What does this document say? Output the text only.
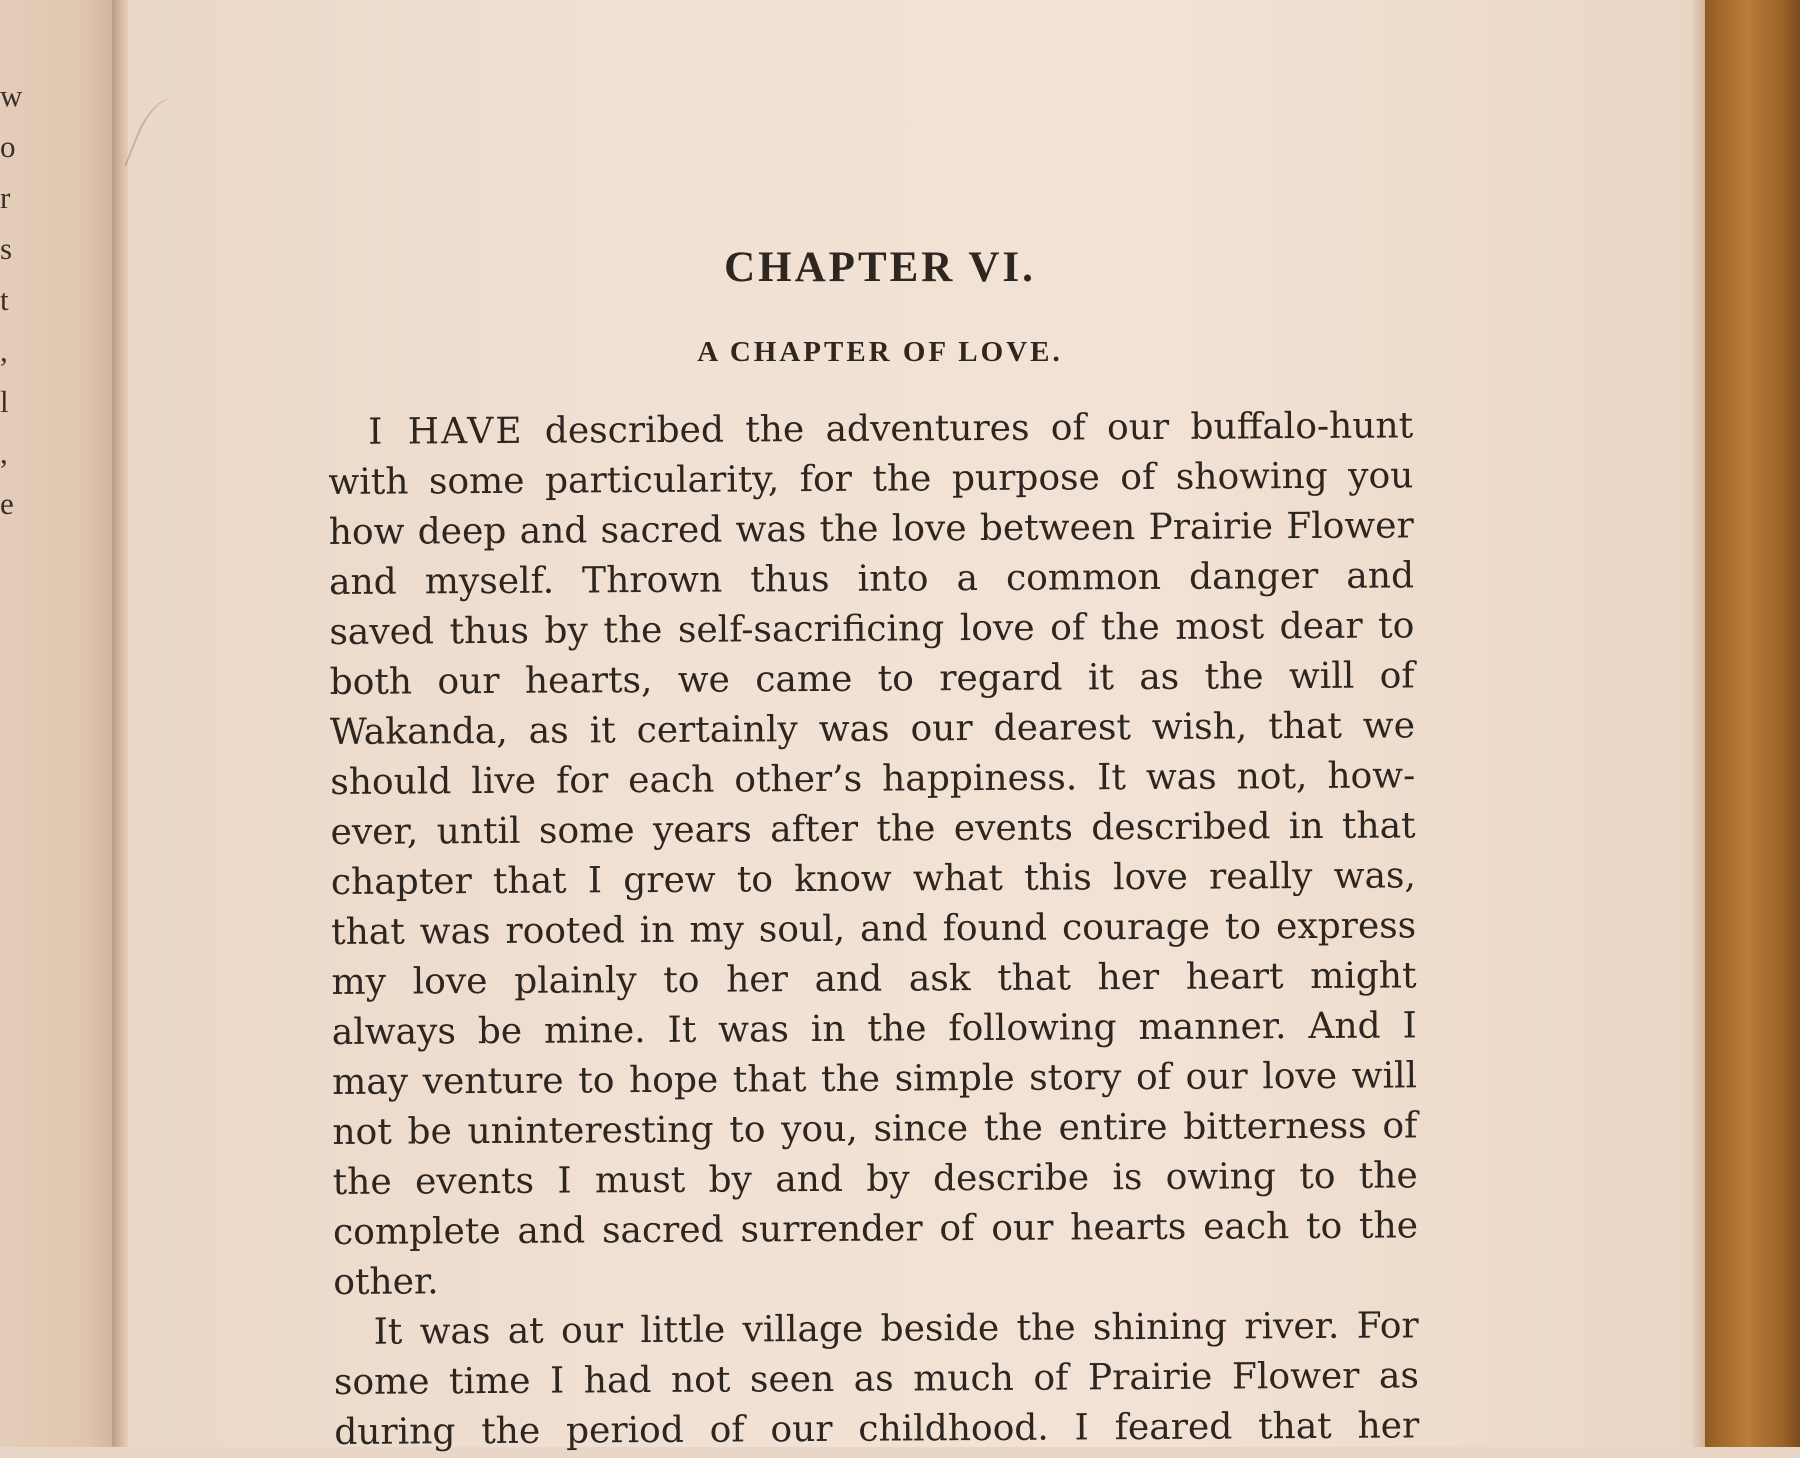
w
o
r
s
t
,
l
,
e
CHAPTER VI.
A CHAPTER OF LOVE.
I HAVE described the adventures of our buffalo-hunt
with some particularity, for the purpose of showing you
how deep and sacred was the love between Prairie Flower
and myself. Thrown thus into a common danger and
saved thus by the self-sacrificing love of the most dear to
both our hearts, we came to regard it as the will of
Wakanda, as it certainly was our dearest wish, that we
should live for each other’s happiness. It was not, how-
ever, until some years after the events described in that
chapter that I grew to know what this love really was,
that was rooted in my soul, and found courage to express
my love plainly to her and ask that her heart might
always be mine. It was in the following manner. And I
may venture to hope that the simple story of our love will
not be uninteresting to you, since the entire bitterness of
the events I must by and by describe is owing to the
complete and sacred surrender of our hearts each to the
other.
It was at our little village beside the shining river. For
some time I had not seen as much of Prairie Flower as
during the period of our childhood. I feared that her
